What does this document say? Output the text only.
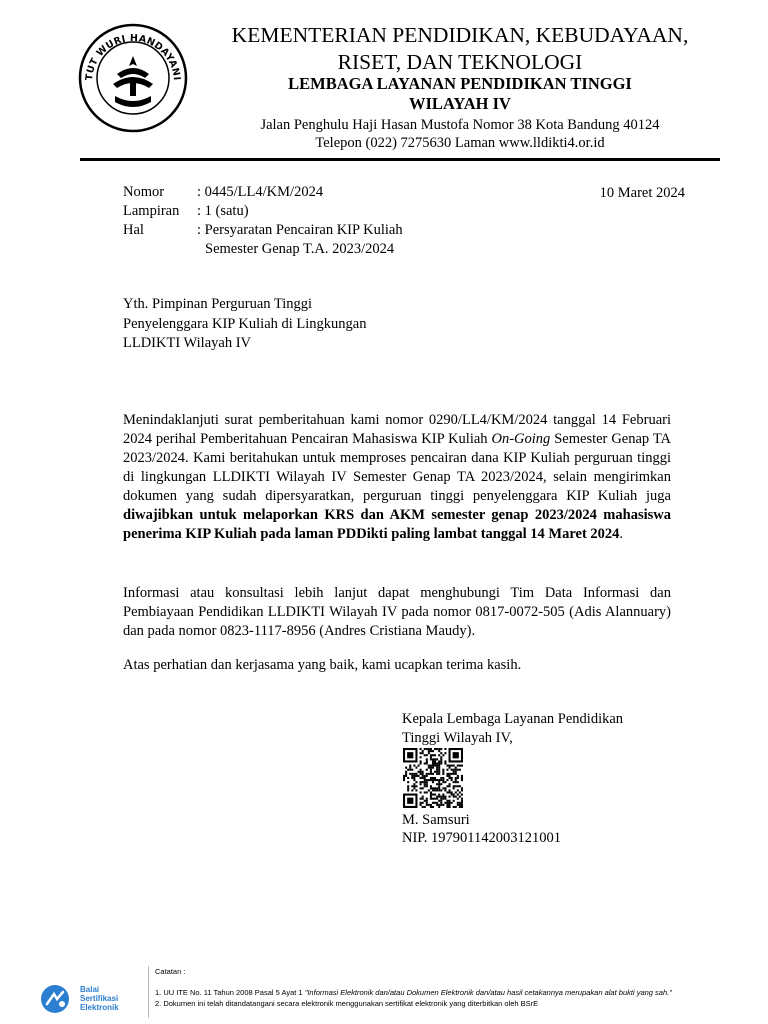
TUT WURI HANDAYANI
KEMENTERIAN PENDIDIKAN, KEBUDAYAAN,
RISET, DAN TEKNOLOGI
LEMBAGA LAYANAN PENDIDIKAN TINGGI
WILAYAH IV
Jalan Penghulu Haji Hasan Mustofa Nomor 38 Kota Bandung 40124
Telepon (022) 7275630 Laman www.lldikti4.or.id
Nomor : 0445/LL4/KM/2024
Lampiran : 1 (satu)
Hal	: Persyaratan Pencairan KIP Kuliah
Semester Genap T.A. 2023/2024
10 Maret 2024
Yth. Pimpinan Perguruan Tinggi
Penyelenggara KIP Kuliah di Lingkungan
LLDIKTI Wilayah IV
Menindaklanjuti surat pemberitahuan kami nomor 0290/LL4/KM/2024 tanggal 14 Februari 2024 perihal Pemberitahuan Pencairan Mahasiswa KIP Kuliah On-Going Semester Genap TA 2023/2024. Kami beritahukan untuk memproses pencairan dana KIP Kuliah perguruan tinggi di lingkungan LLDIKTI Wilayah IV Semester Genap TA 2023/2024, selain mengirimkan dokumen yang sudah dipersyaratkan, perguruan tinggi penyelenggara KIP Kuliah juga diwajibkan untuk melaporkan KRS dan AKM semester genap 2023/2024 mahasiswa penerima KIP Kuliah pada laman PDDikti paling lambat tanggal 14 Maret 2024.
Informasi atau konsultasi lebih lanjut dapat menghubungi Tim Data Informasi dan Pembiayaan Pendidikan LLDIKTI Wilayah IV pada nomor 0817-0072-505 (Adis Alannuary) dan pada nomor 0823-1117-8956 (Andres Cristiana Maudy).
Atas perhatian dan kerjasama yang baik, kami ucapkan terima kasih.
Kepala Lembaga Layanan Pendidikan
Tinggi Wilayah IV,
M. Samsuri
NIP. 197901142003121001
Balai
Sertifikasi
Elektronik
Catatan :
1. UU ITE No. 11 Tahun 2008 Pasal 5 Ayat 1 "Informasi Elektronik dan/atau Dokumen Elektronik dan/atau hasil cetakannya merupakan alat bukti yang sah."
2. Dokumen ini telah ditandatangani secara elektronik menggunakan sertifikat elektronik yang diterbitkan oleh BSrE
